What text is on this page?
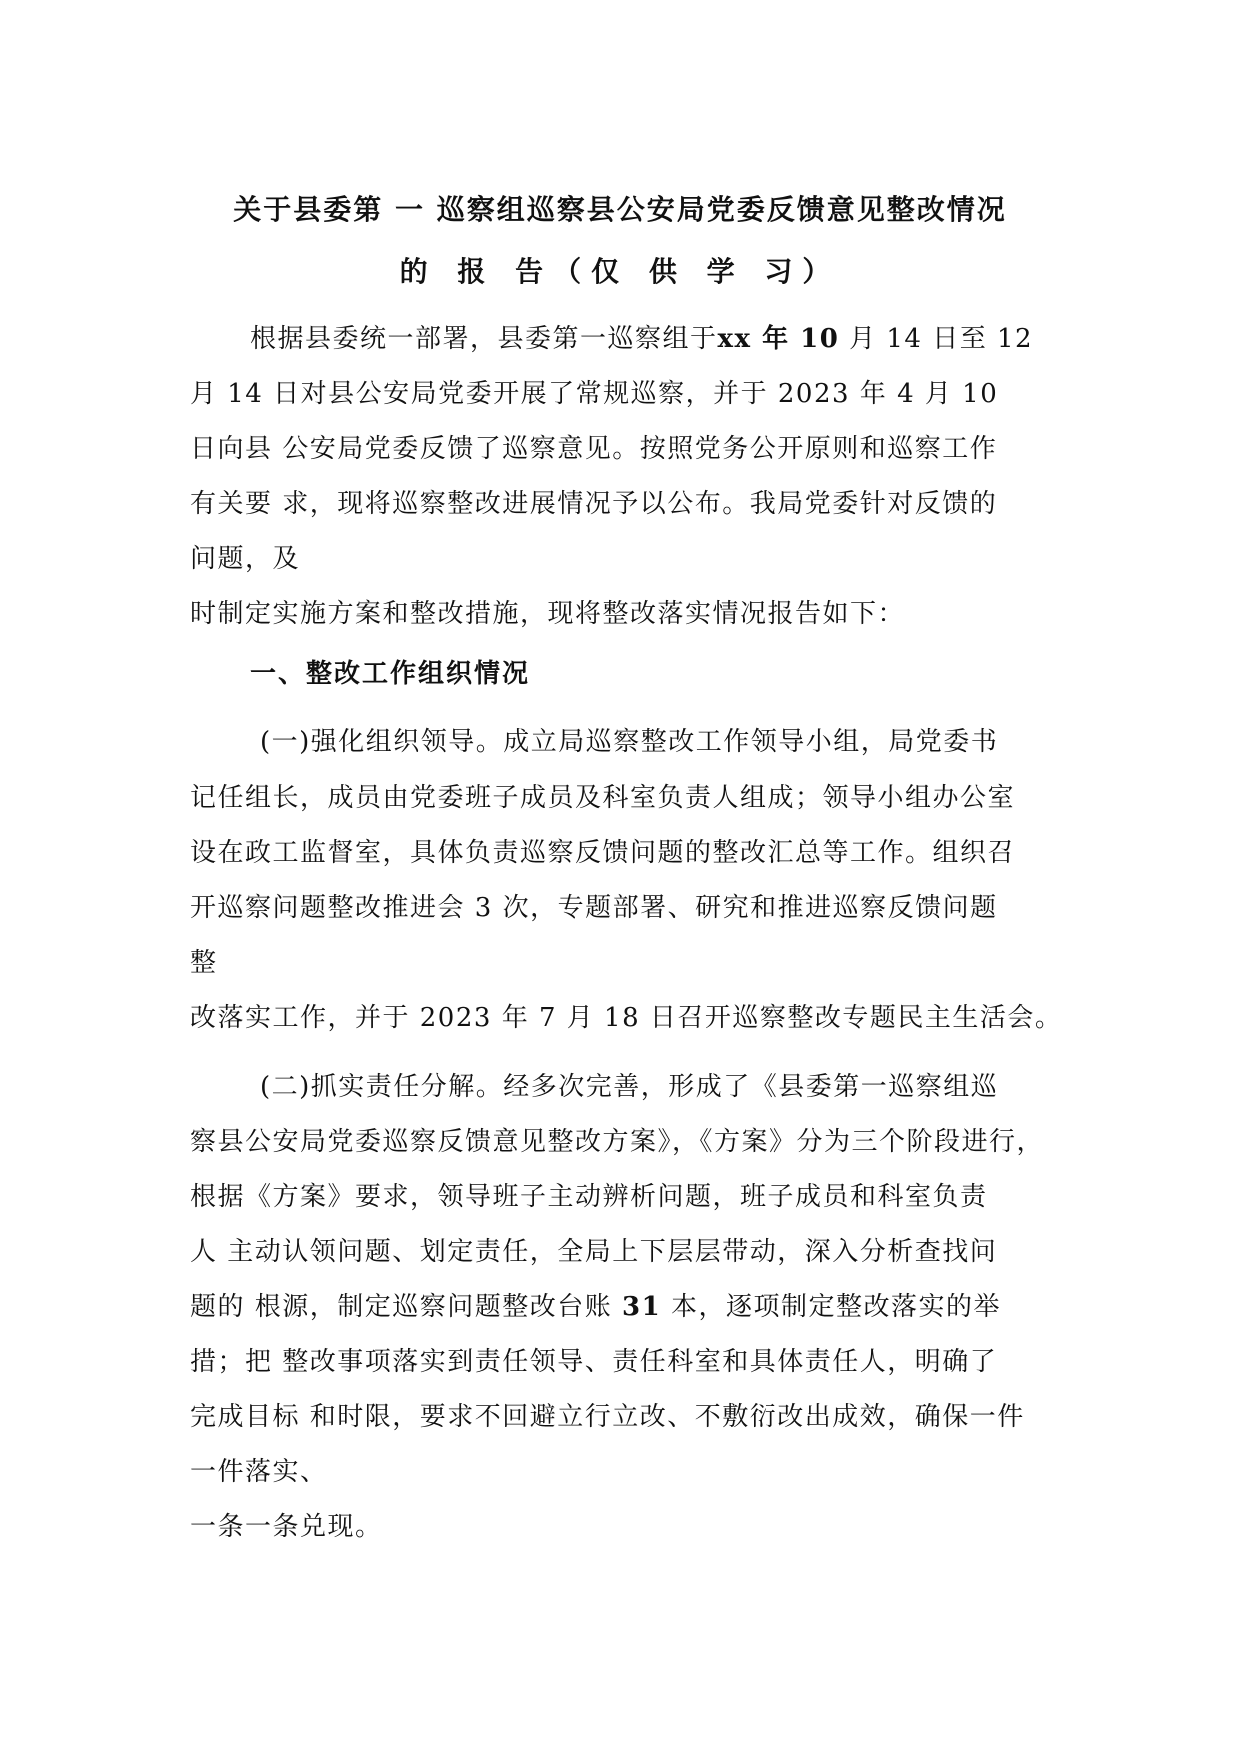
关于县委第 一 巡察组巡察县公安局党委反馈意见整改情况
的 报 告（仅 供 学 习）
根据县委统一部署，县委第一巡察组于xx 年 10 月 14 日至 12
月 14 日对县公安局党委开展了常规巡察，并于 2023 年 4 月 10
日向县 公安局党委反馈了巡察意见。按照党务公开原则和巡察工作
有关要 求，现将巡察整改进展情况予以公布。我局党委针对反馈的
问题，及
时制定实施方案和整改措施，现将整改落实情况报告如下：
一、整改工作组织情况
(一)强化组织领导。成立局巡察整改工作领导小组，局党委书
记任组长，成员由党委班子成员及科室负责人组成；领导小组办公室
设在政工监督室，具体负责巡察反馈问题的整改汇总等工作。组织召
开巡察问题整改推进会 3 次，专题部署、研究和推进巡察反馈问题
整
改落实工作，并于 2023 年 7 月 18 日召开巡察整改专题民主生活会。
(二)抓实责任分解。经多次完善，形成了《县委第一巡察组巡
察县公安局党委巡察反馈意见整改方案》，《方案》分为三个阶段进行，
根据《方案》要求，领导班子主动辨析问题，班子成员和科室负责
人 主动认领问题、划定责任，全局上下层层带动，深入分析查找问
题的 根源，制定巡察问题整改台账 31 本，逐项制定整改落实的举
措；把 整改事项落实到责任领导、责任科室和具体责任人，明确了
完成目标 和时限，要求不回避立行立改、不敷衍改出成效，确保一件
一件落实、
一条一条兑现。
